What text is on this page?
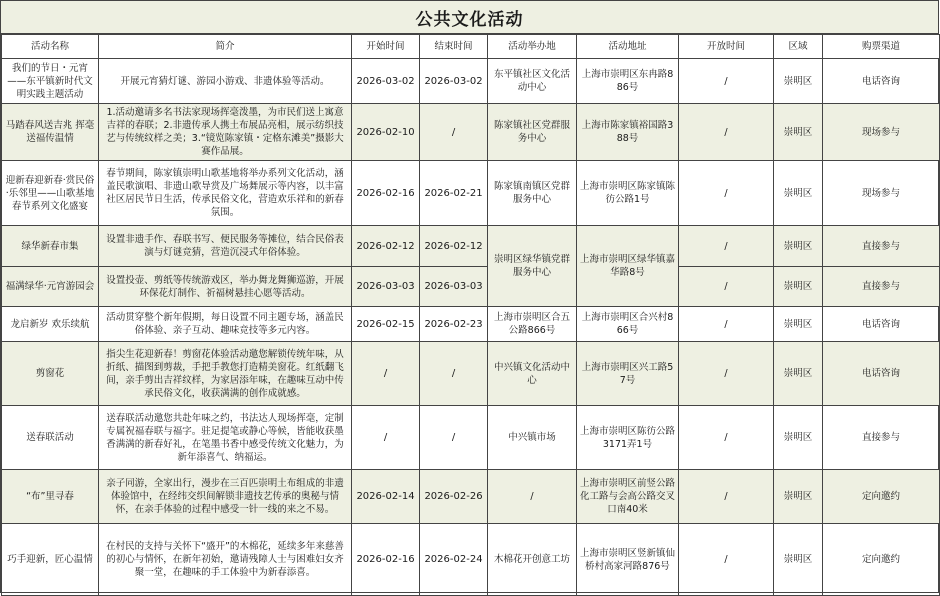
公共文化活动
活动名称	简介	开始时间	结束时间	活动举办地	活动地址	开放时间	区域	购票渠道
我们的节日・元宵——东平镇新时代文明实践主题活动	开展元宵猜灯谜、游园小游戏、非遗体验等活动。	2026-03-02	2026-03-02	东平镇社区文化活动中心	上海市崇明区东冉路886号	/	崇明区	电话咨询
马踏春风送吉兆 挥毫送福传温情	1.活动邀请多名书法家现场挥毫泼墨，为市民们送上寓意吉祥的春联；2.非遗传承人携土布展品亮相，展示纺织技艺与传统纹样之美；3.“镜览陈家镇・定格东滩美”摄影大赛作品展。	2026-02-10	/	陈家镇社区党群服务中心	上海市陈家镇裕国路388号	/	崇明区	现场参与
迎新春迎新春·赏民俗·乐邻里——山歌基地春节系列文化盛宴	春节期间，陈家镇崇明山歌基地将举办系列文化活动，涵盖民歌演唱、非遗山歌导赏及广场舞展示等内容，以丰富社区居民节日生活，传承民俗文化，营造欢乐祥和的新春氛围。	2026-02-16	2026-02-21	陈家镇南镇区党群服务中心	上海市崇明区陈家镇陈彷公路1号	/	崇明区	现场参与
绿华新春市集	设置非遗手作、春联书写、便民服务等摊位，结合民俗表演与灯谜竞猜，营造沉浸式年俗体验。	2026-02-12	2026-02-12	崇明区绿华镇党群服务中心	上海市崇明区绿华镇嘉华路8号	/	崇明区	直接参与
福满绿华·元宵游园会	设置投壶、剪纸等传统游戏区，举办舞龙舞狮巡游，开展环保花灯制作、祈福树悬挂心愿等活动。	2026-03-03	2026-03-03			/	崇明区	直接参与
龙启新岁 欢乐续航	活动贯穿整个新年假期，每日设置不同主题专场，涵盖民俗体验、亲子互动、趣味竞技等多元内容。	2026-02-15	2026-02-23	上海市崇明区合五公路866号	上海市崇明区合兴村866号	/	崇明区	电话咨询
剪窗花	指尖生花迎新春！剪窗花体验活动邀您解锁传统年味，从折纸、描图到剪裁，手把手教您打造精美窗花。红纸翻飞间，亲手剪出吉祥纹样，为家居添年味，在趣味互动中传承民俗文化，收获满满的创作成就感。	/	/	中兴镇文化活动中心	上海市崇明区兴工路57号	/	崇明区	电话咨询
送春联活动	送春联活动邀您共赴年味之约，书法达人现场挥毫，定制专属祝福春联与福字。驻足提笔或静心等候，皆能收获墨香满满的新春好礼，在笔墨书香中感受传统文化魅力，为新年添喜气、纳福运。	/	/	中兴镇市场	上海市崇明区陈彷公路3171弄1号	/	崇明区	直接参与
“布”里寻春	亲子同游，全家出行，漫步在三百匹崇明土布组成的非遗体验馆中，在经纬交织间解锁非遗技艺传承的奥秘与情怀，在亲手体验的过程中感受一针一线的来之不易。	2026-02-14	2026-02-26	/	上海市崇明区前竖公路化工路与会高公路交叉口南40米	/	崇明区	定向邀约
巧手迎新，匠心温情	在村民的支持与关怀下“盛开”的木棉花，延续多年来慈善的初心与情怀，在新年初始，邀请残障人士与困难妇女齐聚一堂，在趣味的手工体验中为新春添喜。	2026-02-16	2026-02-24	木棉花开创意工坊	上海市崇明区竖新镇仙桥村高家河路876号	/	崇明区	定向邀约
